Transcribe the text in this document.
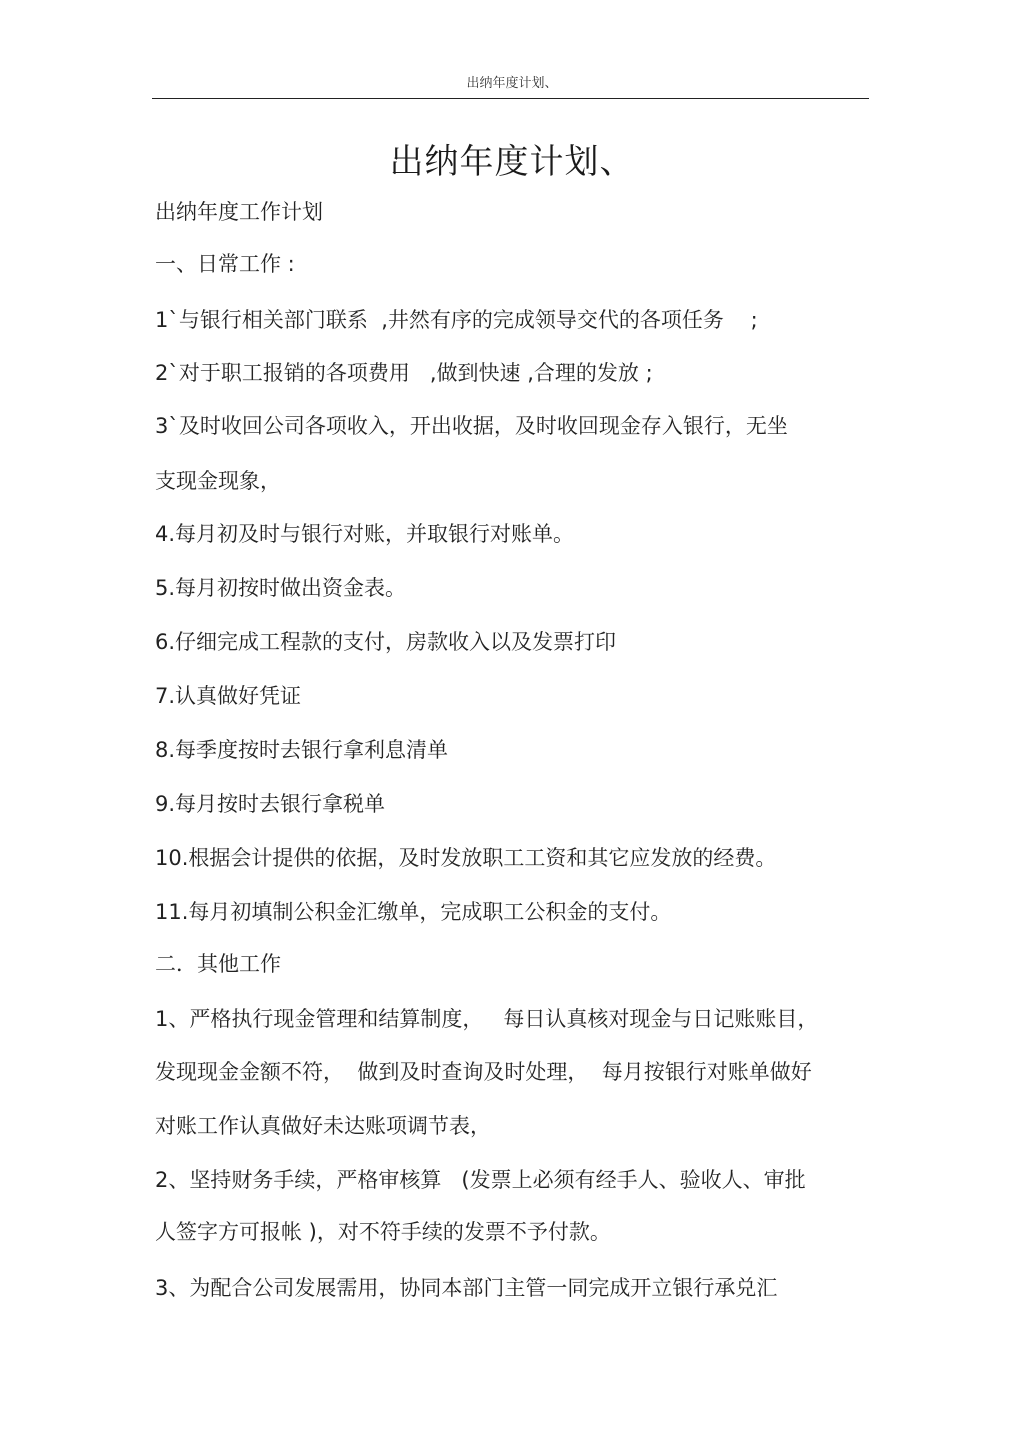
出纳年度计划、
出纳年度计划、
出纳年度工作计划
一、日常工作 :
1`与银行相关部门联系  ,井然有序的完成领导交代的各项任务    ;
2`对于职工报销的各项费用   ,做到快速 ,合理的发放 ;
3`及时收回公司各项收入，开出收据，及时收回现金存入银行，无坐
支现金现象，
4.每月初及时与银行对账，并取银行对账单。
5.每月初按时做出资金表。
6.仔细完成工程款的支付，房款收入以及发票打印
7.认真做好凭证
8.每季度按时去银行拿利息清单
9.每月按时去银行拿税单
10.根据会计提供的依据，及时发放职工工资和其它应发放的经费。
11.每月初填制公积金汇缴单，完成职工公积金的支付。
二．其他工作
1、严格执行现金管理和结算制度，   每日认真核对现金与日记账账目，
发现现金金额不符，  做到及时查询及时处理，  每月按银行对账单做好
对账工作认真做好未达账项调节表，
2、坚持财务手续，严格审核算   (发票上必须有经手人、验收人、审批
人签字方可报帐 )，对不符手续的发票不予付款。
3、为配合公司发展需用，协同本部门主管一同完成开立银行承兑汇
